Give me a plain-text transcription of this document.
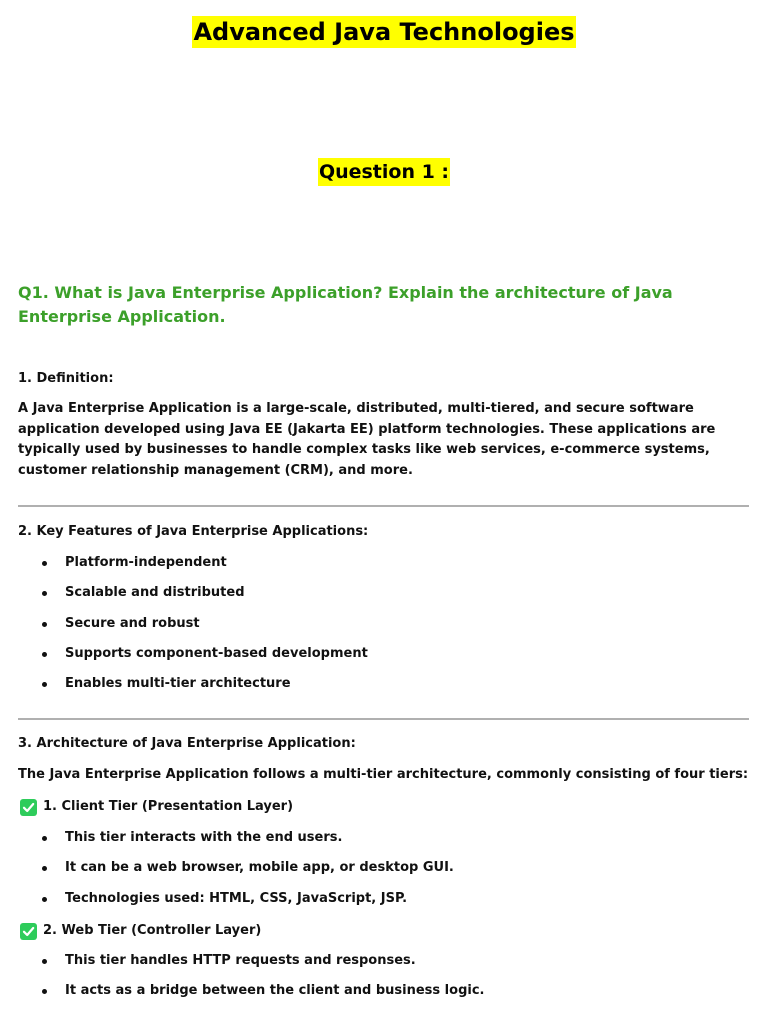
Advanced Java Technologies
Question 1 :

Q1. What is Java Enterprise Application? Explain the architecture of Java Enterprise Application.

1. Definition:

A Java Enterprise Application is a large-scale, distributed, multi-tiered, and secure software application developed using Java EE (Jakarta EE) platform technologies. These applications are typically used by businesses to handle complex tasks like web services, e-commerce systems, customer relationship management (CRM), and more.

2. Key Features of Java Enterprise Applications:

Platform-independent
Scalable and distributed
Secure and robust
Supports component-based development
Enables multi-tier architecture

3. Architecture of Java Enterprise Application:

The Java Enterprise Application follows a multi-tier architecture, commonly consisting of four tiers:

1. Client Tier (Presentation Layer)
This tier interacts with the end users.
It can be a web browser, mobile app, or desktop GUI.
Technologies used: HTML, CSS, JavaScript, JSP.
2. Web Tier (Controller Layer)
This tier handles HTTP requests and responses.
It acts as a bridge between the client and business logic.
